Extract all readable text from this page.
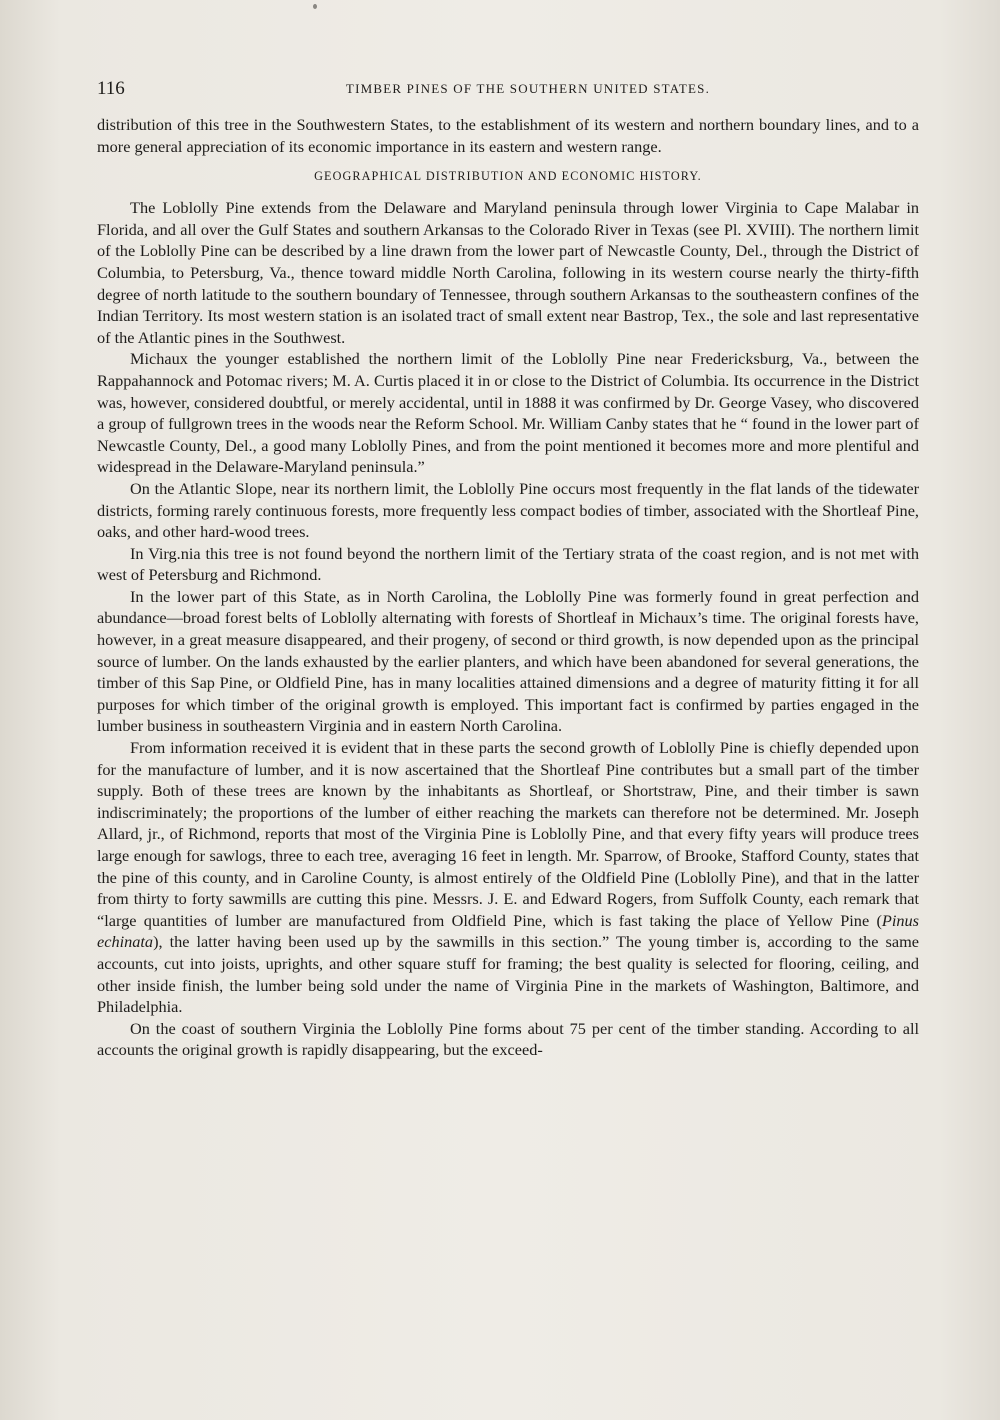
116	TIMBER PINES OF THE SOUTHERN UNITED STATES.

distribution of this tree in the Southwestern States, to the establishment of its western and northern boundary lines, and to a more general appreciation of its economic importance in its eastern and western range.

GEOGRAPHICAL DISTRIBUTION AND ECONOMIC HISTORY.

The Loblolly Pine extends from the Delaware and Maryland peninsula through lower Virginia to Cape Malabar in Florida, and all over the Gulf States and southern Arkansas to the Colorado River in Texas (see Pl. XVIII). The northern limit of the Loblolly Pine can be described by a line drawn from the lower part of Newcastle County, Del., through the District of Columbia, to Petersburg, Va., thence toward middle North Carolina, following in its western course nearly the thirty-fifth degree of north latitude to the southern boundary of Tennessee, through southern Arkansas to the southeastern confines of the Indian Territory. Its most western station is an isolated tract of small extent near Bastrop, Tex., the sole and last representative of the Atlantic pines in the Southwest.

Michaux the younger established the northern limit of the Loblolly Pine near Fredericksburg, Va., between the Rappahannock and Potomac rivers; M. A. Curtis placed it in or close to the District of Columbia. Its occurrence in the District was, however, considered doubtful, or merely accidental, until in 1888 it was confirmed by Dr. George Vasey, who discovered a group of fullgrown trees in the woods near the Reform School. Mr. William Canby states that he “ found in the lower part of Newcastle County, Del., a good many Loblolly Pines, and from the point mentioned it becomes more and more plentiful and widespread in the Delaware-Maryland peninsula.”

On the Atlantic Slope, near its northern limit, the Loblolly Pine occurs most frequently in the flat lands of the tidewater districts, forming rarely continuous forests, more frequently less compact bodies of timber, associated with the Shortleaf Pine, oaks, and other hard-wood trees.

In Virg.nia this tree is not found beyond the northern limit of the Tertiary strata of the coast region, and is not met with west of Petersburg and Richmond.

In the lower part of this State, as in North Carolina, the Loblolly Pine was formerly found in great perfection and abundance—broad forest belts of Loblolly alternating with forests of Shortleaf in Michaux’s time. The original forests have, however, in a great measure disappeared, and their progeny, of second or third growth, is now depended upon as the principal source of lumber. On the lands exhausted by the earlier planters, and which have been abandoned for several generations, the timber of this Sap Pine, or Oldfield Pine, has in many localities attained dimensions and a degree of maturity fitting it for all purposes for which timber of the original growth is employed. This important fact is confirmed by parties engaged in the lumber business in southeastern Virginia and in eastern North Carolina.

From information received it is evident that in these parts the second growth of Loblolly Pine is chiefly depended upon for the manufacture of lumber, and it is now ascertained that the Shortleaf Pine contributes but a small part of the timber supply. Both of these trees are known by the inhabitants as Shortleaf, or Shortstraw, Pine, and their timber is sawn indiscriminately; the proportions of the lumber of either reaching the markets can therefore not be determined. Mr. Joseph Allard, jr., of Richmond, reports that most of the Virginia Pine is Loblolly Pine, and that every fifty years will produce trees large enough for sawlogs, three to each tree, averaging 16 feet in length. Mr. Sparrow, of Brooke, Stafford County, states that the pine of this county, and in Caroline County, is almost entirely of the Oldfield Pine (Loblolly Pine), and that in the latter from thirty to forty sawmills are cutting this pine. Messrs. J. E. and Edward Rogers, from Suffolk County, each remark that “large quantities of lumber are manufactured from Oldfield Pine, which is fast taking the place of Yellow Pine (Pinus echinata), the latter having been used up by the sawmills in this section.” The young timber is, according to the same accounts, cut into joists, uprights, and other square stuff for framing; the best quality is selected for flooring, ceiling, and other inside finish, the lumber being sold under the name of Virginia Pine in the markets of Washington, Baltimore, and Philadelphia.

On the coast of southern Virginia the Loblolly Pine forms about 75 per cent of the timber standing. According to all accounts the original growth is rapidly disappearing, but the exceed-
